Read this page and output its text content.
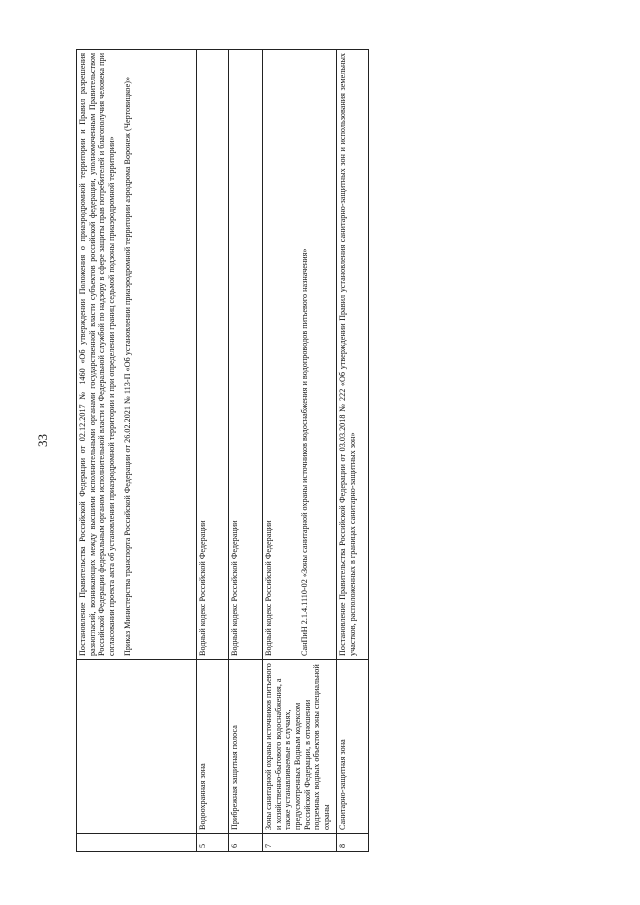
33

		Постановление Правительства Российской Федерации от 02.12.2017 № 1460 «Об утверждении Положения о приаэродромной территории и Правил разрешения разногласий, возникающих между высшими исполнительными органами государственной власти субъектов российской федерации, уполномоченным Правительством Российской Федерации федеральным органом исполнительной власти и Федеральной службой по надзору в сфере защиты прав потребителей и благополучия человека при согласовании проекта акта об установлении приаэродромной территории и при определении границ седьмой подзоны приаэродромной территории» Приказ Министерства транспорта Российской Федерации от 26.02.2021 № 113-П «Об установлении приаэродромной территории аэродрома Воронеж (Чертовицкое)»

5	Водоохранная зона	Водный кодекс Российской Федерации

6	Прибрежная защитная полоса	Водный кодекс Российской Федерации

7	Зоны санитарной охраны источников питьевого и хозяйственно-бытового водоснабжения, а также устанавливаемые в случаях, предусмотренных Водным кодексом Российской Федерации, в отношении подземных водных объектов зоны специальной охраны	Водный кодекс Российской Федерации СанПиН 2.1.4.1110-02 «Зоны санитарной охраны источников водоснабжения и водопроводов питьевого назначения»

8	Санитарно-защитная зона	Постановление Правительства Российской Федерации от 03.03.2018 № 222 «Об утверждении Правил установления санитарно-защитных зон и использования земельных участков, расположенных в границах санитарно-защитных зон»
